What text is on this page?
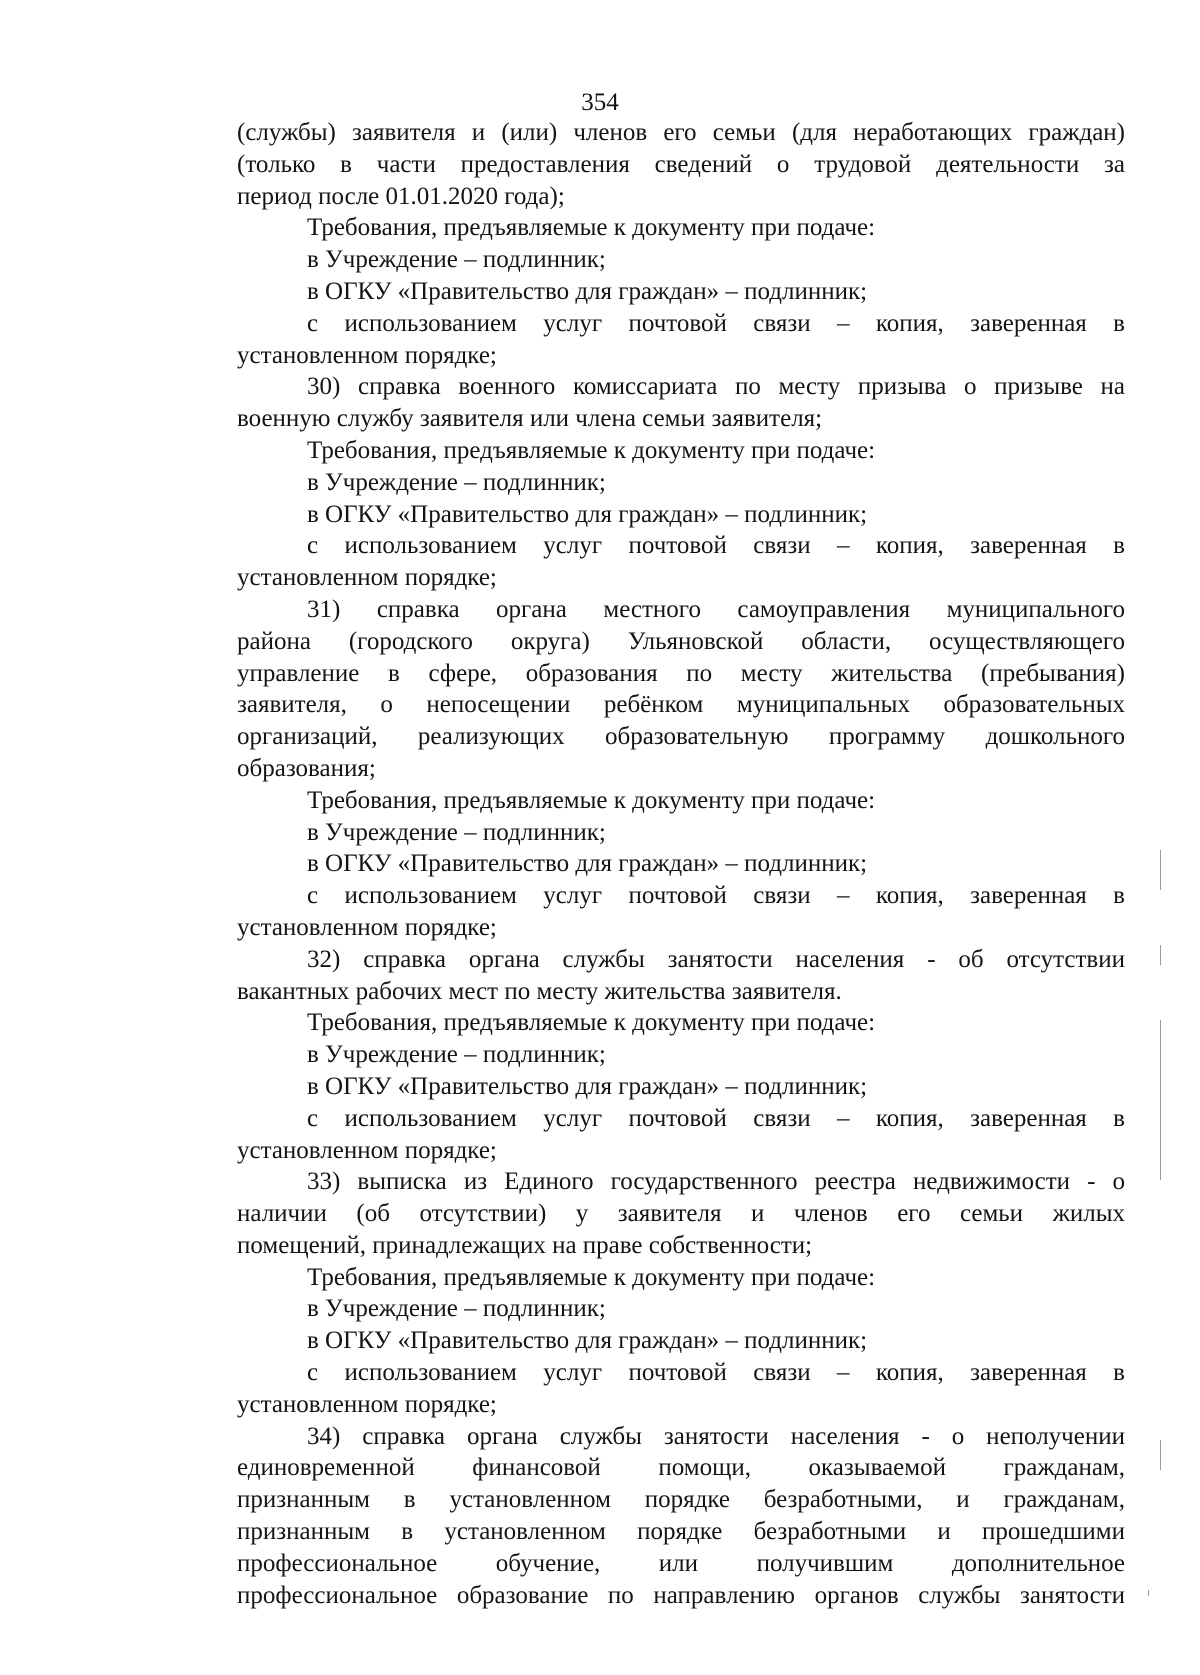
354

(службы) заявителя и (или) членов его семьи (для неработающих граждан)

(только в части предоставления сведений о трудовой деятельности за

период после 01.01.2020 года);

Требования, предъявляемые к документу при подаче:

в Учреждение – подлинник;

в ОГКУ «Правительство для граждан» – подлинник;

с использованием услуг почтовой связи – копия, заверенная в

установленном порядке;

30) справка военного комиссариата по месту призыва о призыве на

военную службу заявителя или члена семьи заявителя;

Требования, предъявляемые к документу при подаче:

в Учреждение – подлинник;

в ОГКУ «Правительство для граждан» – подлинник;

с использованием услуг почтовой связи – копия, заверенная в

установленном порядке;

31) справка органа местного самоуправления муниципального

района (городского округа) Ульяновской области, осуществляющего

управление в сфере, образования по месту жительства (пребывания)

заявителя, о непосещении ребёнком муниципальных образовательных

организаций, реализующих образовательную программу дошкольного

образования;

Требования, предъявляемые к документу при подаче:

в Учреждение – подлинник;

в ОГКУ «Правительство для граждан» – подлинник;

с использованием услуг почтовой связи – копия, заверенная в

установленном порядке;

32) справка органа службы занятости населения - об отсутствии

вакантных рабочих мест по месту жительства заявителя.

Требования, предъявляемые к документу при подаче:

в Учреждение – подлинник;

в ОГКУ «Правительство для граждан» – подлинник;

с использованием услуг почтовой связи – копия, заверенная в

установленном порядке;

33) выписка из Единого государственного реестра недвижимости - о

наличии (об отсутствии) у заявителя и членов его семьи жилых

помещений, принадлежащих на праве собственности;

Требования, предъявляемые к документу при подаче:

в Учреждение – подлинник;

в ОГКУ «Правительство для граждан» – подлинник;

с использованием услуг почтовой связи – копия, заверенная в

установленном порядке;

34) справка органа службы занятости населения - о неполучении

единовременной финансовой помощи, оказываемой гражданам,

признанным в установленном порядке безработными, и гражданам,

признанным в установленном порядке безработными и прошедшими

профессиональное обучение, или получившим дополнительное

профессиональное образование по направлению органов службы занятости
